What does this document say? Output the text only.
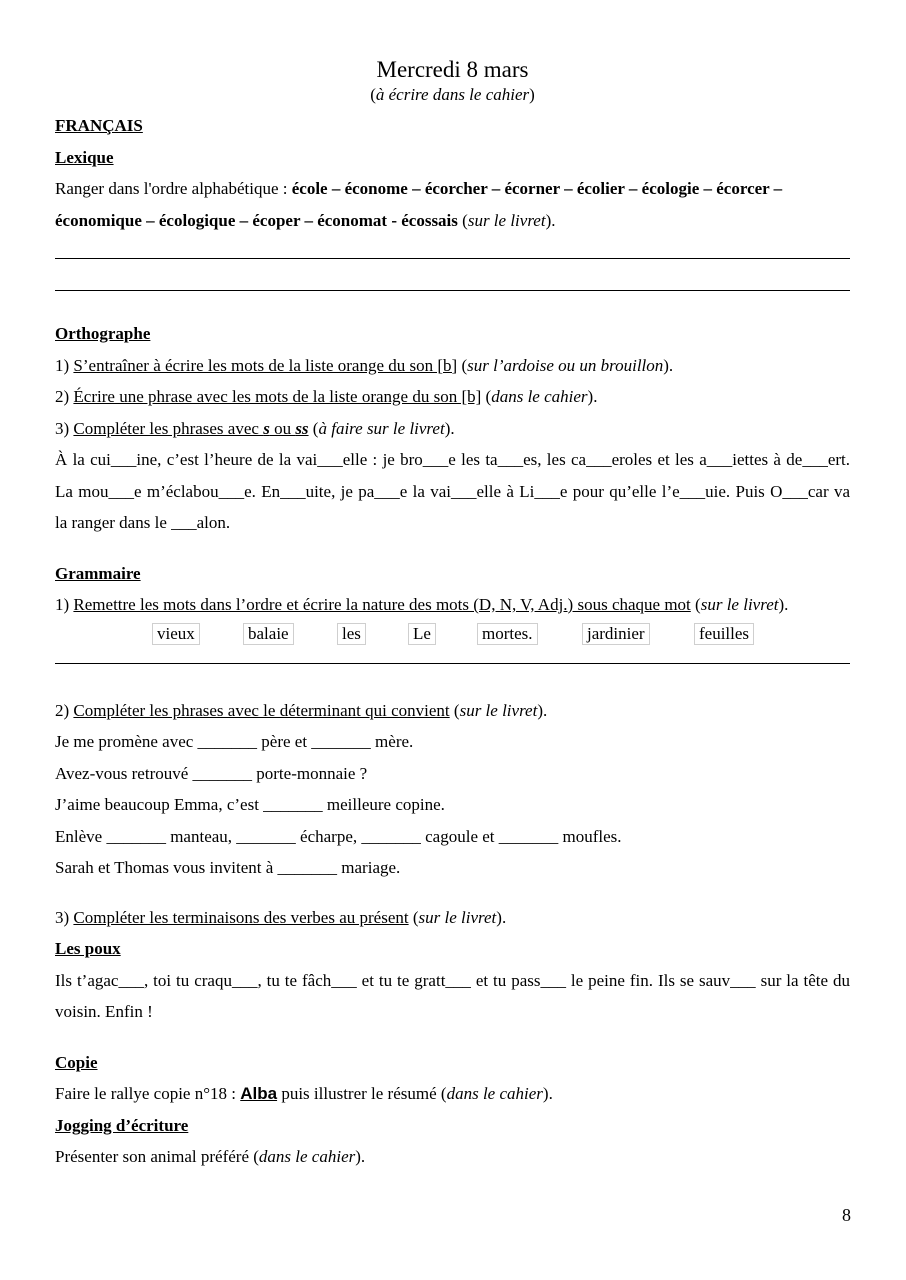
Mercredi 8 mars
(à écrire dans le cahier)
FRANÇAIS
Lexique
Ranger dans l'ordre alphabétique : école – économe – écorcher – écorner – écolier – écologie – écorcer –
économique – écologique – écoper – économat - écossais (sur le livret).
Orthographe
1) S’entraîner à écrire les mots de la liste orange du son [b] (sur l’ardoise ou un brouillon).
2) Écrire une phrase avec les mots de la liste orange du son [b] (dans le cahier).
3) Compléter les phrases avec s ou ss (à faire sur le livret).
À la cui___ine, c’est l’heure de la vai___elle : je bro___e les ta___es, les ca___eroles et les a___iettes à de___ert. La mou___e m’éclabou___e. En___uite, je pa___e la vai___elle à Li___e pour qu’elle l’e___uie. Puis O___car va la ranger dans le ___alon.
Grammaire
1) Remettre les mots dans l’ordre et écrire la nature des mots (D, N, V, Adj.) sous chaque mot (sur le livret).
vieux	balaie	les	Le	mortes.	jardinier	feuilles
2) Compléter les phrases avec le déterminant qui convient (sur le livret).
Je me promène avec _______ père et _______ mère.
Avez-vous retrouvé _______ porte-monnaie ?
J’aime beaucoup Emma, c’est _______ meilleure copine.
Enlève _______ manteau, _______ écharpe, _______ cagoule et _______ moufles.
Sarah et Thomas vous invitent à _______ mariage.
3) Compléter les terminaisons des verbes au présent (sur le livret).
Les poux
Ils t’agac___, toi tu craqu___, tu te fâch___ et tu te gratt___ et tu pass___ le peine fin. Ils se sauv___ sur la tête du voisin. Enfin !
Copie
Faire le rallye copie n°18 : Alba puis illustrer le résumé (dans le cahier).
Jogging d’écriture
Présenter son animal préféré (dans le cahier).
8
